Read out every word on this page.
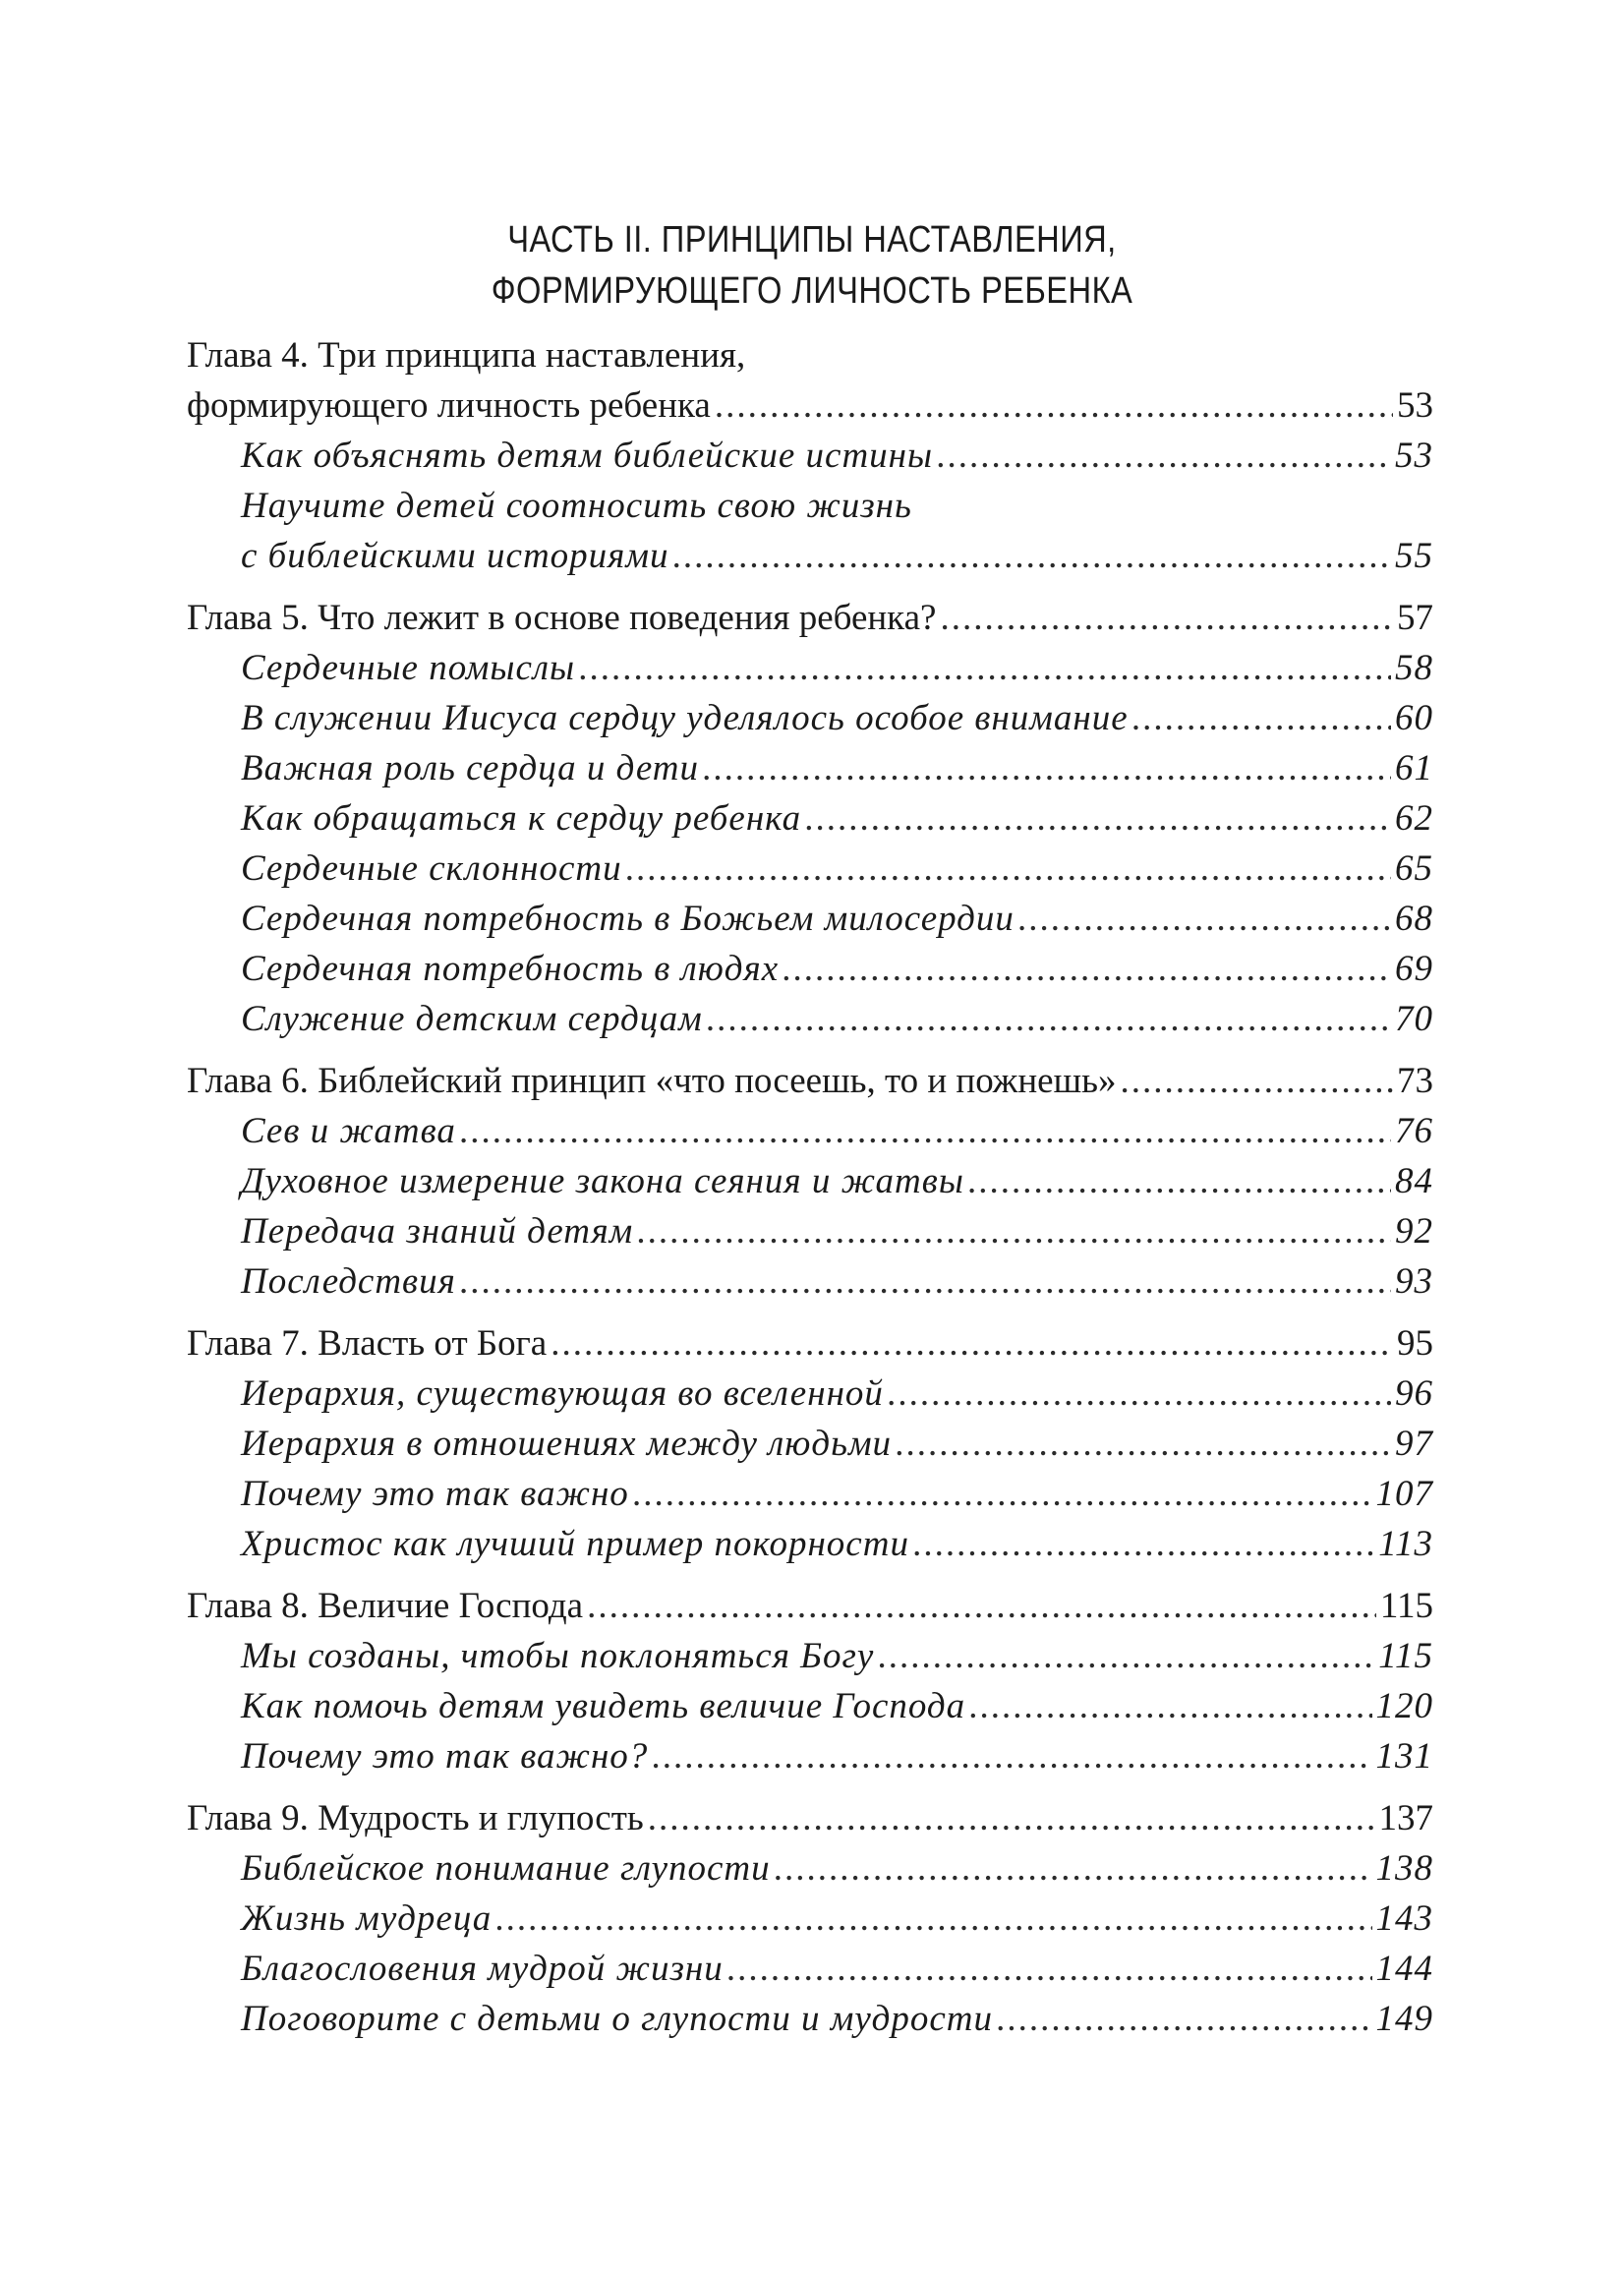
ЧАСТЬ II. ПРИНЦИПЫ НАСТАВЛЕНИЯ,
ФОРМИРУЮЩЕГО ЛИЧНОСТЬ РЕБЕНКА
Глава 4. Три принципа наставления,
формирующего личность ребенка .....	53
Как объяснять детям библейские истины .....	53
Научите детей соотносить свою жизнь
с библейскими историями .....	55
Глава 5. Что лежит в основе поведения ребенка? .....	57
Сердечные помыслы .....	58
В служении Иисуса сердцу уделялось особое внимание .....	60
Важная роль сердца и дети .....	61
Как обращаться к сердцу ребенка .....	62
Сердечные склонности .....	65
Сердечная потребность в Божьем милосердии .....	68
Сердечная потребность в людях .....	69
Служение детским сердцам .....	70
Глава 6. Библейский принцип «что посеешь, то и пожнешь» .....	73
Сев и жатва .....	76
Духовное измерение закона сеяния и жатвы .....	84
Передача знаний детям .....	92
Последствия .....	93
Глава 7. Власть от Бога .....	95
Иерархия, существующая во вселенной .....	96
Иерархия в отношениях между людьми .....	97
Почему это так важно .....	107
Христос как лучший пример покорности .....	113
Глава 8. Величие Господа .....	115
Мы созданы, чтобы поклоняться Богу .....	115
Как помочь детям увидеть величие Господа .....	120
Почему это так важно? .....	131
Глава 9. Мудрость и глупость .....	137
Библейское понимание глупости .....	138
Жизнь мудреца .....	143
Благословения мудрой жизни .....	144
Поговорите с детьми о глупости и мудрости .....	149
